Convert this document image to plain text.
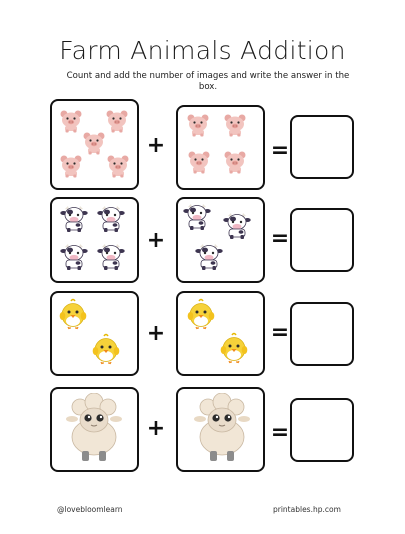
Farm Animals Addition
Count and add the number of images and write the answer in the box.
+	=
+	=
+	=
+	=
@lovebloomlearn	printables.hp.com
